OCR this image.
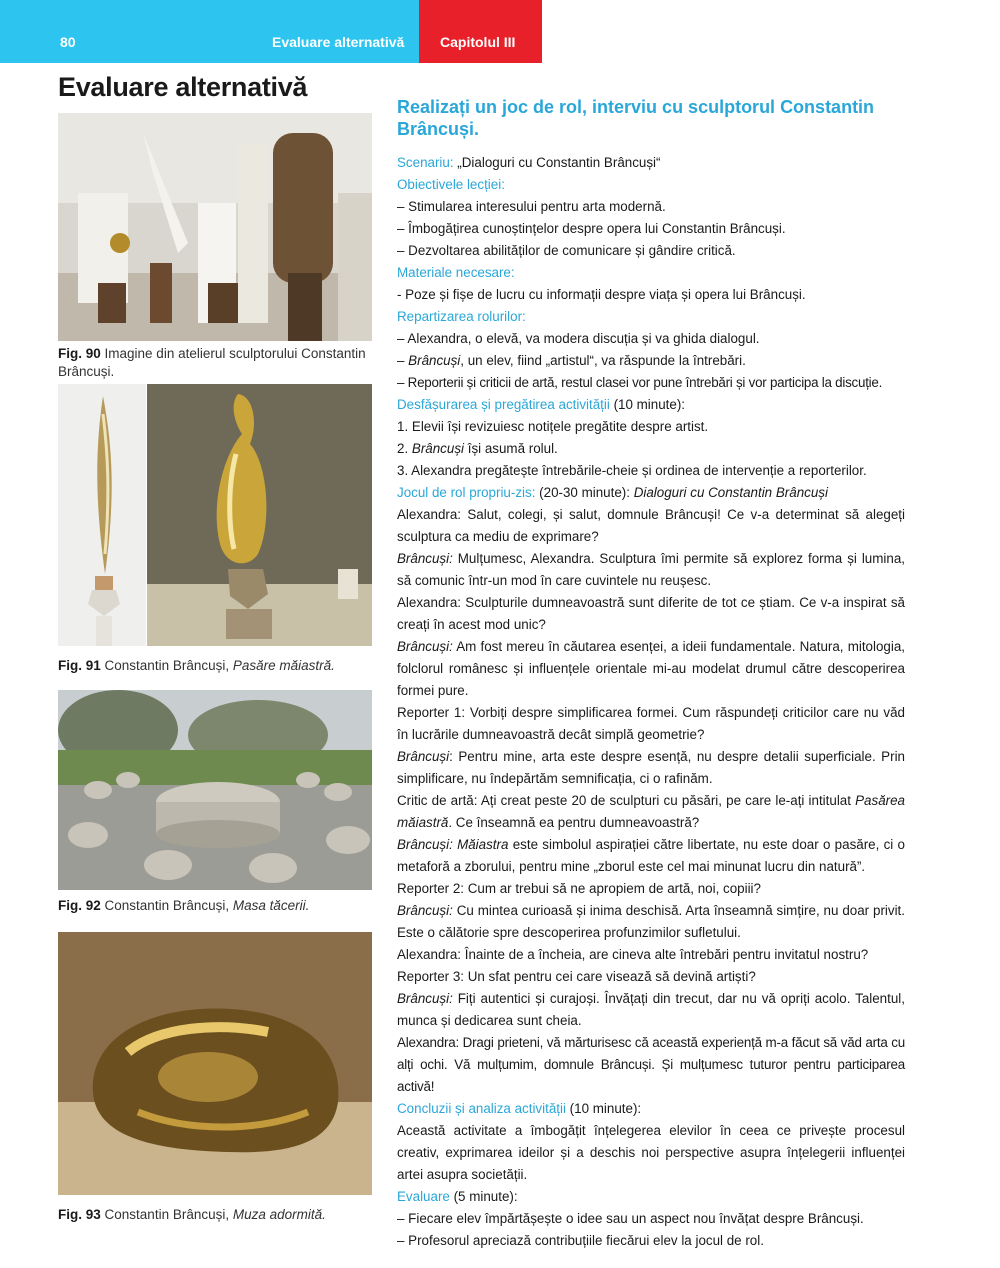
80	Evaluare alternativă	Capitolul III
Evaluare alternativă
Fig. 90 Imagine din atelierul sculptorului Constantin Brâncuși.
Fig. 91 Constantin Brâncuși, Pasăre măiastră.
Fig. 92 Constantin Brâncuși, Masa tăcerii.
Fig. 93 Constantin Brâncuși, Muza adormită.

Realizați un joc de rol, interviu cu sculptorul Constantin Brâncuși.

Scenariu: „Dialoguri cu Constantin Brâncuși“

Obiectivele lecției:

– Stimularea interesului pentru arta modernă.

– Îmbogățirea cunoștințelor despre opera lui Constantin Brâncuși.

– Dezvoltarea abilităților de comunicare și gândire critică.

Materiale necesare:

- Poze și fișe de lucru cu informații despre viața și opera lui Brâncuși.

Repartizarea rolurilor:

– Alexandra, o elevă, va modera discuția și va ghida dialogul.

– Brâncuși, un elev, fiind „artistul“, va răspunde la întrebări.

– Reporterii și criticii de artă, restul clasei vor pune întrebări și vor participa la discuție.

Desfășurarea și pregătirea activității (10 minute):

1. Elevii își revizuiesc notițele pregătite despre artist.

2. Brâncuși își asumă rolul.

3. Alexandra pregătește întrebările-cheie și ordinea de intervenție a reporterilor.

Jocul de rol propriu-zis: (20-30 minute): Dialoguri cu Constantin Brâncuși

Alexandra: Salut, colegi, și salut, domnule Brâncuși! Ce v-a determinat să alegeți sculptura ca mediu de exprimare?

Brâncuși: Mulțumesc, Alexandra. Sculptura îmi permite să explorez forma și lumina, să comunic într-un mod în care cuvintele nu reușesc.

Alexandra: Sculpturile dumneavoastră sunt diferite de tot ce știam. Ce v-a inspirat să creați în acest mod unic?

Brâncuși: Am fost mereu în căutarea esenței, a ideii fundamentale. Natura, mitologia, folclorul românesc și influențele orientale mi-au modelat drumul către descoperirea formei pure.

Reporter 1: Vorbiți despre simplificarea formei. Cum răspundeți criticilor care nu văd în lucrările dumneavoastră decât simplă geometrie?

Brâncuși: Pentru mine, arta este despre esență, nu despre detalii superficiale. Prin simplificare, nu îndepărtăm semnificația, ci o rafinăm.

Critic de artă: Ați creat peste 20 de sculpturi cu păsări, pe care le-ați intitulat Pasărea măiastră. Ce înseamnă ea pentru dumneavoastră?

Brâncuși: Măiastra este simbolul aspirației către libertate, nu este doar o pasăre, ci o metaforă a zborului, pentru mine „zborul este cel mai minunat lucru din natură”.

Reporter 2: Cum ar trebui să ne apropiem de artă, noi, copiii?

Brâncuși: Cu mintea curioasă și inima deschisă. Arta înseamnă simțire, nu doar privit. Este o călătorie spre descoperirea profunzimilor sufletului.

Alexandra: Înainte de a încheia, are cineva alte întrebări pentru invitatul nostru?

Reporter 3: Un sfat pentru cei care visează să devină artiști?

Brâncuși: Fiți autentici și curajoși. Învățați din trecut, dar nu vă opriți acolo. Talentul, munca și dedicarea sunt cheia.

Alexandra: Dragi prieteni, vă mărturisesc că această experiență m-a făcut să văd arta cu alți ochi. Vă mulțumim, domnule Brâncuși. Și mulțumesc tuturor pentru participarea activă!

Concluzii și analiza activității (10 minute):

Această activitate a îmbogățit înțelegerea elevilor în ceea ce privește procesul creativ, exprimarea ideilor și a deschis noi perspective asupra înțelegerii influenței artei asupra societății.

Evaluare (5 minute):

– Fiecare elev împărtășește o idee sau un aspect nou învățat despre Brâncuși.

– Profesorul apreciază contribuțiile fiecărui elev la jocul de rol.
